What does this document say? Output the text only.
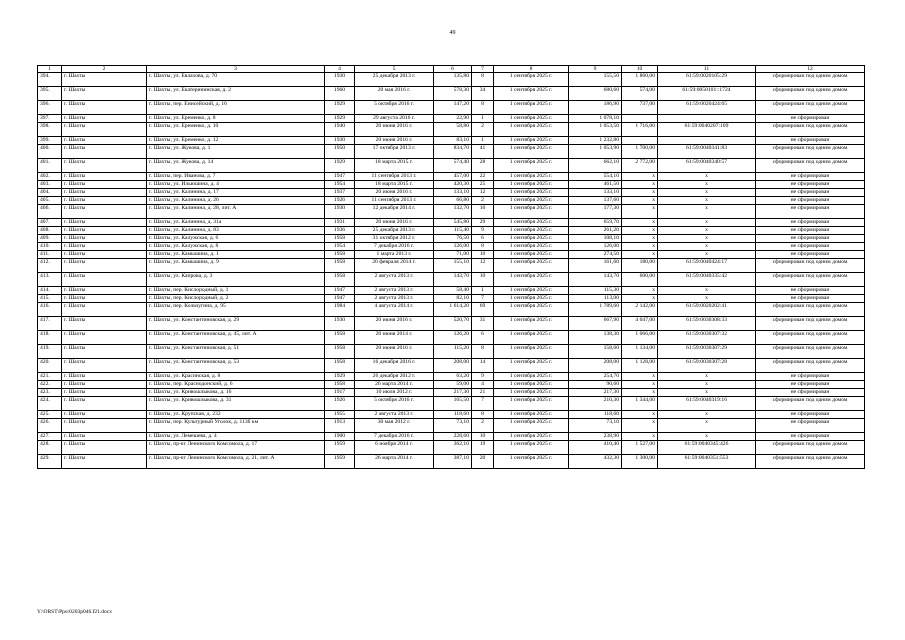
49
1	2	3	4	5	6	7	8	9	10	11	12
394.	г. Шахты	г. Шахты, ул. Евлахова, д. 70	1930	25 декабря 2013 г.	135,80	8	1 сентября 2025 г.	155,50	1 860,00	61:59:0020105:29	сформирован под одним домом
395.	г. Шахты	г. Шахты, ул. Екатерининская, д. 2	1960	20 мая 2016 г.	578,30	34	1 сентября 2025 г.	680,60	574,00	61:59:0050101::1724	сформирован под одним домом
396.	г. Шахты	г. Шахты, пер. Енисейский, д. 16	1929	5 октября 2016 г.	147,20	8	1 сентября 2025 г.	186,90	737,00	61:59:0020424:65	сформирован под одним домом
397.	г. Шахты	г. Шахты, ул. Еременко, д. 8	1929	29 августа 2016 г.	22,90	1	1 сентября 2025 г.	1 078,10			не сформирован
398.	г. Шахты	г. Шахты, ул. Еременко, д. 10	1940	20 июня 2016 г.	58,80	2	1 сентября 2025 г.	1 053,50	1 716,00	61:59:0040207:109	сформирован под одним домом
399.	г. Шахты	г. Шахты, ул. Еременко, д. 12	1930	20 июня 2016 г.	83,10	1	1 сентября 2025 г.	1 232,80			не сформирован
400.	г. Шахты	г. Шахты, ул. Жукова, д. 1	1950	17 октября 2013 г.	834,70	41	1 сентября 2025 г.	1 053,90	1 700,00	61:59:0040341:83	сформирован под одним домом
401.	г. Шахты	г. Шахты, ул. Жукова, д. 14	1929	18 марта 2015 г.	574,40	28	1 сентября 2025 г.	662,10	2 772,00	61:59:0040340:57	сформирован под одним домом
402.	г. Шахты	г. Шахты, пер. Иванова, д. 7	1947	11 сентября 2013 г.	457,00	22	1 сентября 2025 г.	554,10	х	х	не сформирован
403.	г. Шахты	г. Шахты, ул. Ильюшина, д. 4	1954	18 марта 2015 г.	420,30	25	1 сентября 2025 г.	461,50	х	х	не сформирован
404.	г. Шахты	г. Шахты, ул. Калинина, д. 17	1937	20 июня 2016 г.	133,10	12	1 сентября 2025 г.	133,10	х	х	не сформирован
405.	г. Шахты	г. Шахты, ул. Калинина, д. 26	1926	11 сентября 2013 г.	66,80	2	1 сентября 2025 г.	137,60	х	х	не сформирован
406.	г. Шахты	г. Шахты, ул. Калинина, д. 28, лит. А	1930	12 декабря 2014 г.	132,70	10	1 сентября 2025 г.	177,30	х	х	не сформирован
407.	г. Шахты	г. Шахты, ул. Калинина, д. 31а	1931	20 июня 2016 г.	545,80	29	1 сентября 2025 г.	659,70	х	х	не сформирован
408.	г. Шахты	г. Шахты, ул. Калинина, д. 83	1936	25 декабря 2013 г.	115,40	9	1 сентября 2025 г.	261,20	х	х	не сформирован
409.	г. Шахты	г. Шахты, ул. Калужская, д. 6	1958	31 октября 2012 г.	76,50	6	1 сентября 2025 г.	108,10	х	х	не сформирован
410.	г. Шахты	г. Шахты, ул. Калужская, д. 8	1954	7 декабря 2016 г.	126,00	8	1 сентября 2025 г.	126,00	х	х	не сформирован
411.	г. Шахты	г. Шахты, ул. Камышина, д. 1	1958	1 марта 2013 г.	71,00	10	1 сентября 2025 г.	274,50	х	х	не сформирован
412.	г. Шахты	г. Шахты, ул. Камышина, д. 9	1958	20 февраля 2014 г.	155,10	12	1 сентября 2025 г.	161,60	180,00	61:59:0040424:17	сформирован под одним домом
413.	г. Шахты	г. Шахты, ул. Капрова, д. 3	1958	2 августа 2013 г.	143,70	10	1 сентября 2025 г.	143,70	600,00	61:59:0040335:42	сформирован под одним домом
414.	г. Шахты	г. Шахты, пер. Кислородный, д. 1	1947	2 августа 2013 г.	58,40	1	1 сентября 2025 г.	115,30	х	х	не сформирован
415.	г. Шахты	г. Шахты, пер. Кислородный, д. 2	1947	2 августа 2013 г.	82,10	7	1 сентября 2025 г.	113,00	х	х	не сформирован
416.	г. Шахты	г. Шахты, пер. Кольчугина, д. 95	1984	4 августа 2014 г.	1 614,20	69	1 сентября 2025 г.	1 789,60	2 142,00	61:59:0020202:41	сформирован под одним домом
417.	г. Шахты	г. Шахты, ул. Константиновская, д. 29	1930	20 июня 2016 г.	520,70	31	1 сентября 2025 г.	667,90	4 047,00	61:59:0030308:33	сформирован под одним домом
418.	г. Шахты	г. Шахты, ул. Константиновская, д. 45, лит. А	1958	20 июня 2014 г.	126,20	6	1 сентября 2025 г.	138,30	1 066,00	61:59:0030307:32	сформирован под одним домом
419.	г. Шахты	г. Шахты, ул. Константиновская, д. 51	1958	20 июня 2016 г.	115,20	8	1 сентября 2025 г.	158,60	1 134,00	61:59:0030307:29	сформирован под одним домом
420.	г. Шахты	г. Шахты, ул. Константиновская, д. 53	1958	16 декабря 2016 г.	208,00	14	1 сентября 2025 г.	208,00	1 128,00	61:59:0030307:28	сформирован под одним домом
421.	г. Шахты	г. Шахты, ул. Красинская, д. 8	1929	26 декабря 2012 г.	63,20	9	1 сентября 2025 г.	254,70	х	х	не сформирован
422.	г. Шахты	г. Шахты, пер. Краснодонский, д. 6	1958	26 марта 2014 г.	59,00	4	1 сентября 2025 г.	90,60	х	х	не сформирован
423.	г. Шахты	г. Шахты, ул. Кривошлыкова, д. 16	1917	10 июля 2012 г.	217,30	21	1 сентября 2025 г.	217,30	х	х	не сформирован
424.	г. Шахты	г. Шахты, ул. Кривошлыкова, д. 31	1926	5 октября 2016 г.	165,50	7	1 сентября 2025 г.	210,30	1 344,00	61:59:0040319:16	сформирован под одним домом
425.	г. Шахты	г. Шахты, ул. Крупская, д. 232	1955	2 августа 2013 г.	118,60	8	1 сентября 2025 г.	118,60	х	х	не сформирован
426.	г. Шахты	г. Шахты, пер. Культурный Уголок, д. 113б км	1913	30 мая 2012 г.	73,10	2	1 сентября 2025 г.	73,10	х	х	не сформирован
427.	г. Шахты	г. Шахты, ул. Лемешева, д. 4	1900	7 декабря 2016 г.	228,60	10	1 сентября 2025 г.	238,90	х	х	не сформирован
428.	г. Шахты	г. Шахты, пр-кт Ленинского Комсомола, д. 17	1959	6 ноября 2014 г.	362,10	19	1 сентября 2025 г.	410,40	1 527,00	61:59:0040345:426	сформирован под одним домом
429.	г. Шахты	г. Шахты, пр-кт Ленинского Комсомола, д. 21, лит. А	1959	26 марта 2014 г.	387,10	20	1 сентября 2025 г.	432,30	1 300,00	61:59:0040351:553	сформирован под одним домом
Y:\ORST\Ppo\0203p046.f21.docx
